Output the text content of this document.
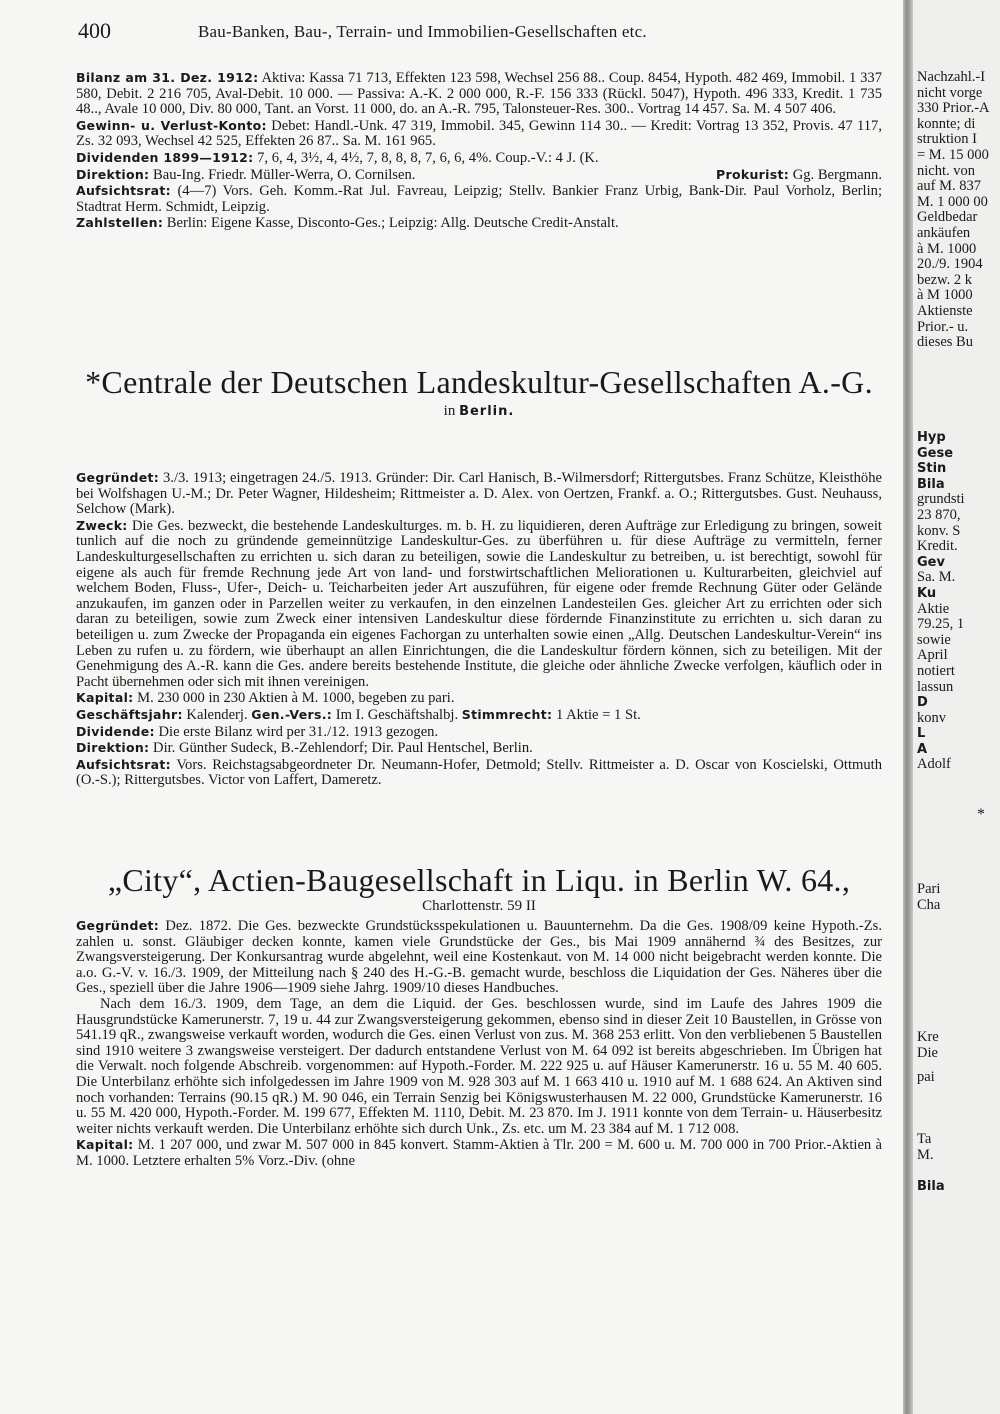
400	Bau-Banken, Bau-, Terrain- und Immobilien-Gesellschaften etc.

Bilanz am 31. Dez. 1912: Aktiva: Kassa 71 713, Effekten 123 598, Wechsel 256 88.. Coup. 8454, Hypoth. 482 469, Immobil. 1 337 580, Debit. 2 216 705, Aval-Debit. 10 000. — Passiva: A.-K. 2 000 000, R.-F. 156 333 (Rückl. 5047), Hypoth. 496 333, Kredit. 1 735 48.., Avale 10 000, Div. 80 000, Tant. an Vorst. 11 000, do. an A.-R. 795, Talonsteuer-Res. 300.. Vortrag 14 457. Sa. M. 4 507 406.

Gewinn- u. Verlust-Konto: Debet: Handl.-Unk. 47 319, Immobil. 345, Gewinn 114 30.. — Kredit: Vortrag 13 352, Provis. 47 117, Zs. 32 093, Wechsel 42 525, Effekten 26 87.. Sa. M. 161 965.

Dividenden 1899—1912: 7, 6, 4, 3½, 4, 4½, 7, 8, 8, 8, 7, 6, 6, 4%. Coup.-V.: 4 J. (K.

Direktion: Bau-Ing. Friedr. Müller-Werra, O. Cornilsen.	Prokurist: Gg. Bergmann.

Aufsichtsrat: (4—7) Vors. Geh. Komm.-Rat Jul. Favreau, Leipzig; Stellv. Bankier Franz Urbig, Bank-Dir. Paul Vorholz, Berlin; Stadtrat Herm. Schmidt, Leipzig.

Zahlstellen: Berlin: Eigene Kasse, Disconto-Ges.; Leipzig: Allg. Deutsche Credit-Anstalt.

*Centrale der Deutschen Landeskultur-Gesellschaften A.-G.
in Berlin.

Gegründet: 3./3. 1913; eingetragen 24./5. 1913. Gründer: Dir. Carl Hanisch, B.-Wilmersdorf; Rittergutsbes. Franz Schütze, Kleisthöhe bei Wolfshagen U.-M.; Dr. Peter Wagner, Hildesheim; Rittmeister a. D. Alex. von Oertzen, Frankf. a. O.; Rittergutsbes. Gust. Neuhauss, Selchow (Mark).

Zweck: Die Ges. bezweckt, die bestehende Landeskulturges. m. b. H. zu liquidieren, deren Aufträge zur Erledigung zu bringen, soweit tunlich auf die noch zu gründende gemeinnützige Landeskultur-Ges. zu überführen u. für diese Aufträge zu vermitteln, ferner Landeskulturgesellschaften zu errichten u. sich daran zu beteiligen, sowie die Landeskultur zu betreiben, u. ist berechtigt, sowohl für eigene als auch für fremde Rechnung jede Art von land- und forstwirtschaftlichen Meliorationen u. Kulturarbeiten, gleichviel auf welchem Boden, Fluss-, Ufer-, Deich- u. Teicharbeiten jeder Art auszuführen, für eigene oder fremde Rechnung Güter oder Gelände anzukaufen, im ganzen oder in Parzellen weiter zu verkaufen, in den einzelnen Landesteilen Ges. gleicher Art zu errichten oder sich daran zu beteiligen, sowie zum Zweck einer intensiven Landeskultur diese fördernde Finanzinstitute zu errichten u. sich daran zu beteiligen u. zum Zwecke der Propaganda ein eigenes Fachorgan zu unterhalten sowie einen „Allg. Deutschen Landeskultur-Verein“ ins Leben zu rufen u. zu fördern, wie überhaupt an allen Einrichtungen, die die Landeskultur fördern können, sich zu beteiligen. Mit der Genehmigung des A.-R. kann die Ges. andere bereits bestehende Institute, die gleiche oder ähnliche Zwecke verfolgen, käuflich oder in Pacht übernehmen oder sich mit ihnen vereinigen.

Kapital: M. 230 000 in 230 Aktien à M. 1000, begeben zu pari.

Geschäftsjahr: Kalenderj. Gen.-Vers.: Im I. Geschäftshalbj. Stimmrecht: 1 Aktie = 1 St.

Dividende: Die erste Bilanz wird per 31./12. 1913 gezogen.

Direktion: Dir. Günther Sudeck, B.-Zehlendorf; Dir. Paul Hentschel, Berlin.

Aufsichtsrat: Vors. Reichstagsabgeordneter Dr. Neumann-Hofer, Detmold; Stellv. Rittmeister a. D. Oscar von Koscielski, Ottmuth (O.-S.); Rittergutsbes. Victor von Laffert, Dameretz.

„City“, Actien-Baugesellschaft in Liqu. in Berlin W. 64.,
Charlottenstr. 59 II

Gegründet: Dez. 1872. Die Ges. bezweckte Grundstücksspekulationen u. Bauunternehm. Da die Ges. 1908/09 keine Hypoth.-Zs. zahlen u. sonst. Gläubiger decken konnte, kamen viele Grundstücke der Ges., bis Mai 1909 annähernd ¾ des Besitzes, zur Zwangsversteigerung. Der Konkursantrag wurde abgelehnt, weil eine Kostenkaut. von M. 14 000 nicht beigebracht werden konnte. Die a.o. G.-V. v. 16./3. 1909, der Mitteilung nach § 240 des H.-G.-B. gemacht wurde, beschloss die Liquidation der Ges. Näheres über die Ges., speziell über die Jahre 1906—1909 siehe Jahrg. 1909/10 dieses Handbuches.

Nach dem 16./3. 1909, dem Tage, an dem die Liquid. der Ges. beschlossen wurde, sind im Laufe des Jahres 1909 die Hausgrundstücke Kamerunerstr. 7, 19 u. 44 zur Zwangsversteigerung gekommen, ebenso sind in dieser Zeit 10 Baustellen, in Grösse von 541.19 qR., zwangsweise verkauft worden, wodurch die Ges. einen Verlust von zus. M. 368 253 erlitt. Von den verbliebenen 5 Baustellen sind 1910 weitere 3 zwangsweise versteigert. Der dadurch entstandene Verlust von M. 64 092 ist bereits abgeschrieben. Im Übrigen hat die Verwalt. noch folgende Abschreib. vorgenommen: auf Hypoth.-Forder. M. 222 925 u. auf Häuser Kamerunerstr. 16 u. 55 M. 40 605. Die Unterbilanz erhöhte sich infolgedessen im Jahre 1909 von M. 928 303 auf M. 1 663 410 u. 1910 auf M. 1 688 624. An Aktiven sind noch vorhanden: Terrains (90.15 qR.) M. 90 046, ein Terrain Senzig bei Königswusterhausen M. 22 000, Grundstücke Kamerunerstr. 16 u. 55 M. 420 000, Hypoth.-Forder. M. 199 677, Effekten M. 1110, Debit. M. 23 870. Im J. 1911 konnte von dem Terrain- u. Häuserbesitz weiter nichts verkauft werden. Die Unterbilanz erhöhte sich durch Unk., Zs. etc. um M. 23 384 auf M. 1 712 008.

Kapital: M. 1 207 000, und zwar M. 507 000 in 845 konvert. Stamm-Aktien à Tlr. 200 = M. 600 u. M. 700 000 in 700 Prior.-Aktien à M. 1000. Letztere erhalten 5% Vorz.-Div. (ohne

Nachzahl.-I
nicht vorge
330 Prior.-A
konnte; di
struktion I
= M. 15 000
nicht. von
auf M. 837
M. 1 000 00
Geldbedar
ankäufen
à M. 1000
20./9. 1904
bezw. 2 k
à M 1000
Aktienste
Prior.- u.
dieses Bu
Hyp
Gese
Stin
Bila
grundsti
23 870,
konv. S
Kredit.
Gev
Sa. M.
Ku
Aktie
79.25, 1
sowie
April
notiert
lassun
D
konv
L
A
Adolf
Pari
Cha
Kre
Die
pai
Ta
M.
Bila
*
